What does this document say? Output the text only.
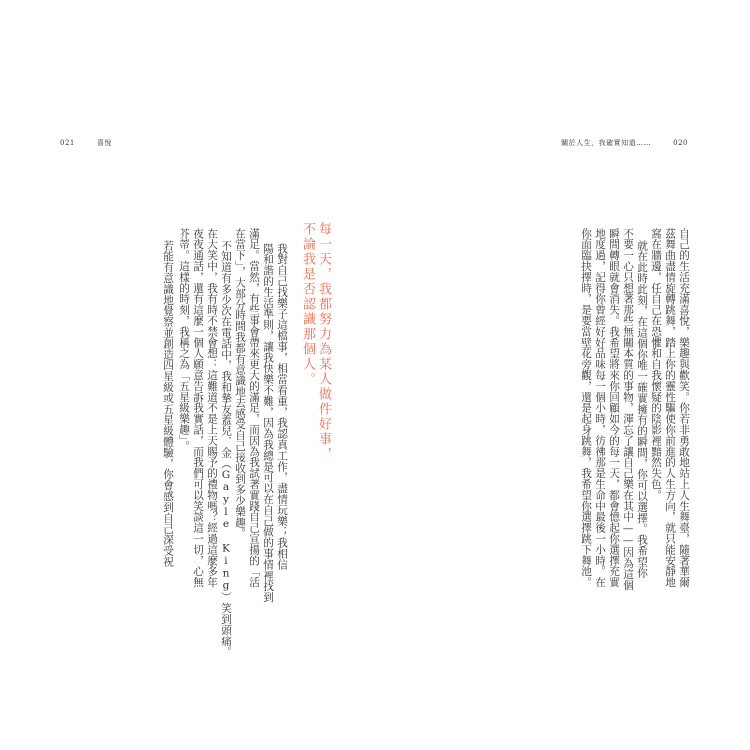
021	喜悅
每一天，我都努力為某人做件好事，
不論我是否認識那個人。
我對自己找樂子這檔事，相當看重，我認真工作，盡情玩樂；我相信
陽和諧的生活準則，讓我快樂不難，因為我總是可以在自己做的事情裡找到
滿足。當然，有些事會帶來更大的滿足，而因為我試著實踐自己宣揚的「活
在當下」，大部分時間我都有意識地去感受自己接收到多少樂趣。
不知道有多少次在電話中，我和摯友蓋兒．金（Gayle King）笑到頭痛。
在大笑中，我有時不禁會想：這難道不是上天賜予的禮物嗎？經過這麼多年
夜夜通話，還有這麼一個人願意告訴我實話，而我們可以笑談這一切，心無
芥蒂。這樣的時刻，我稱之為「五星級樂趣」。
若能有意識地覺察並創造四星級或五星級體驗，你會感到自己深受祝
關於人生，我確實知道……	020
自己的生活充滿喜悅，樂趣與歡笑。你若非勇敢地站上人生舞臺，隨著華爾
茲舞曲盡情旋轉跳舞，踏上你的靈性驅使你前進的人生方向，就只能安靜地
窩在牆邊，任自己在恐懼和自我懷疑的陰影裡黯然失色。
就在此時此刻，在這個你唯一確實擁有的瞬間，你可以選擇。我希望你
不要一心只想著那些無關本質的事物，渾忘了讓自己樂在其中——因為這個
瞬間轉眼就會消失。我希望將來你回顧如今的每一天，都會憶起你選擇充實
地度過，記得你曾經好好品味每一個小時，彷彿那是生命中最後一小時。在
你面臨抉擇時，是要當壁花旁觀，還是起身跳舞，我希望你選擇跳下舞池。
